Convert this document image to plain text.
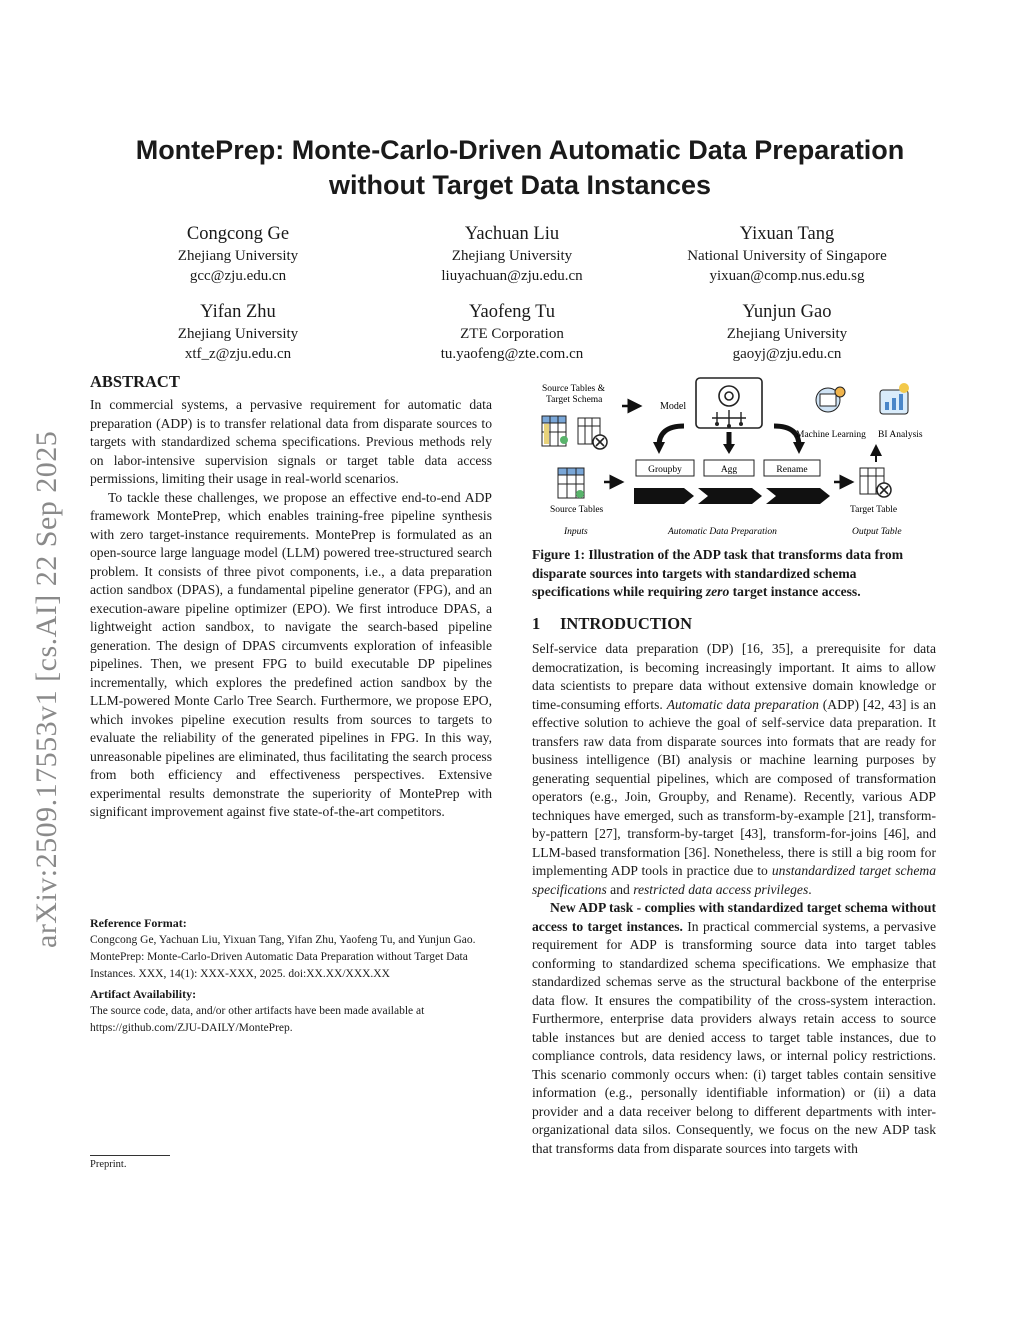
arXiv:2509.17553v1 [cs.AI] 22 Sep 2025
MontePrep: Monte-Carlo-Driven Automatic Data Preparation
without Target Data Instances
Congcong Ge
Zhejiang University
gcc@zju.edu.cn
Yachuan Liu
Zhejiang University
liuyachuan@zju.edu.cn
Yixuan Tang
National University of Singapore
yixuan@comp.nus.edu.sg
Yifan Zhu
Zhejiang University
xtf_z@zju.edu.cn
Yaofeng Tu
ZTE Corporation
tu.yaofeng@zte.com.cn
Yunjun Gao
Zhejiang University
gaoyj@zju.edu.cn
ABSTRACT

In commercial systems, a pervasive requirement for automatic data preparation (ADP) is to transfer relational data from disparate sources to targets with standardized schema specifications. Previous methods rely on labor-intensive supervision signals or target table data access permissions, limiting their usage in real-world scenarios.

To tackle these challenges, we propose an effective end-to-end ADP framework MontePrep, which enables training-free pipeline synthesis with zero target-instance requirements. MontePrep is formulated as an open-source large language model (LLM) powered tree-structured search problem. It consists of three pivot components, i.e., a data preparation action sandbox (DPAS), a fundamental pipeline generator (FPG), and an execution-aware pipeline optimizer (EPO). We first introduce DPAS, a lightweight action sandbox, to navigate the search-based pipeline generation. The design of DPAS circumvents exploration of infeasible pipelines. Then, we present FPG to build executable DP pipelines incrementally, which explores the predefined action sandbox by the LLM-powered Monte Carlo Tree Search. Furthermore, we propose EPO, which invokes pipeline execution results from sources to targets to evaluate the reliability of the generated pipelines in FPG. In this way, unreasonable pipelines are eliminated, thus facilitating the search process from both efficiency and effectiveness perspectives. Extensive experimental results demonstrate the superiority of MontePrep with significant improvement against five state-of-the-art competitors.

Reference Format:

Congcong Ge, Yachuan Liu, Yixuan Tang, Yifan Zhu, Yaofeng Tu, and Yunjun Gao. MontePrep: Monte-Carlo-Driven Automatic Data Preparation without Target Data Instances. XXX, 14(1): XXX-XXX, 2025. doi:XX.XX/XXX.XX

Artifact Availability:

The source code, data, and/or other artifacts have been made available at https://github.com/ZJU-DAILY/MontePrep.

Preprint.
Source Tables &
Target Schema
Model
Machine Learning BI Analysis
Groupby	Agg	Rename
Source Tables	Target Table
Inputs	Automatic Data Preparation	Output Table
Figure 1: Illustration of the ADP task that transforms data from disparate sources into targets with standardized schema specifications while requiring zero target instance access.
1 INTRODUCTION

Self-service data preparation (DP) [16, 35], a prerequisite for data democratization, is becoming increasingly important. It aims to allow data scientists to prepare data without extensive domain knowledge or time-consuming efforts. Automatic data preparation (ADP) [42, 43] is an effective solution to achieve the goal of self-service data preparation. It transfers raw data from disparate sources into formats that are ready for business intelligence (BI) analysis or machine learning purposes by generating sequential pipelines, which are composed of transformation operators (e.g., Join, Groupby, and Rename). Recently, various ADP techniques have emerged, such as transform-by-example [21], transform-by-pattern [27], transform-by-target [43], transform-for-joins [46], and LLM-based transformation [36]. Nonetheless, there is still a big room for implementing ADP tools in practice due to unstandardized target schema specifications and restricted data access privileges.

New ADP task - complies with standardized target schema without access to target instances. In practical commercial systems, a pervasive requirement for ADP is transforming source data into target tables conforming to standardized schema specifications. We emphasize that standardized schemas serve as the structural backbone of the enterprise data flow. It ensures the compatibility of the cross-system interaction. Furthermore, enterprise data providers always retain access to source table instances but are denied access to target table instances, due to compliance controls, data residency laws, or internal policy restrictions. This scenario commonly occurs when: (i) target tables contain sensitive information (e.g., personally identifiable information) or (ii) a data provider and a data receiver belong to different departments with inter-organizational data silos. Consequently, we focus on the new ADP task that transforms data from disparate sources into targets with
